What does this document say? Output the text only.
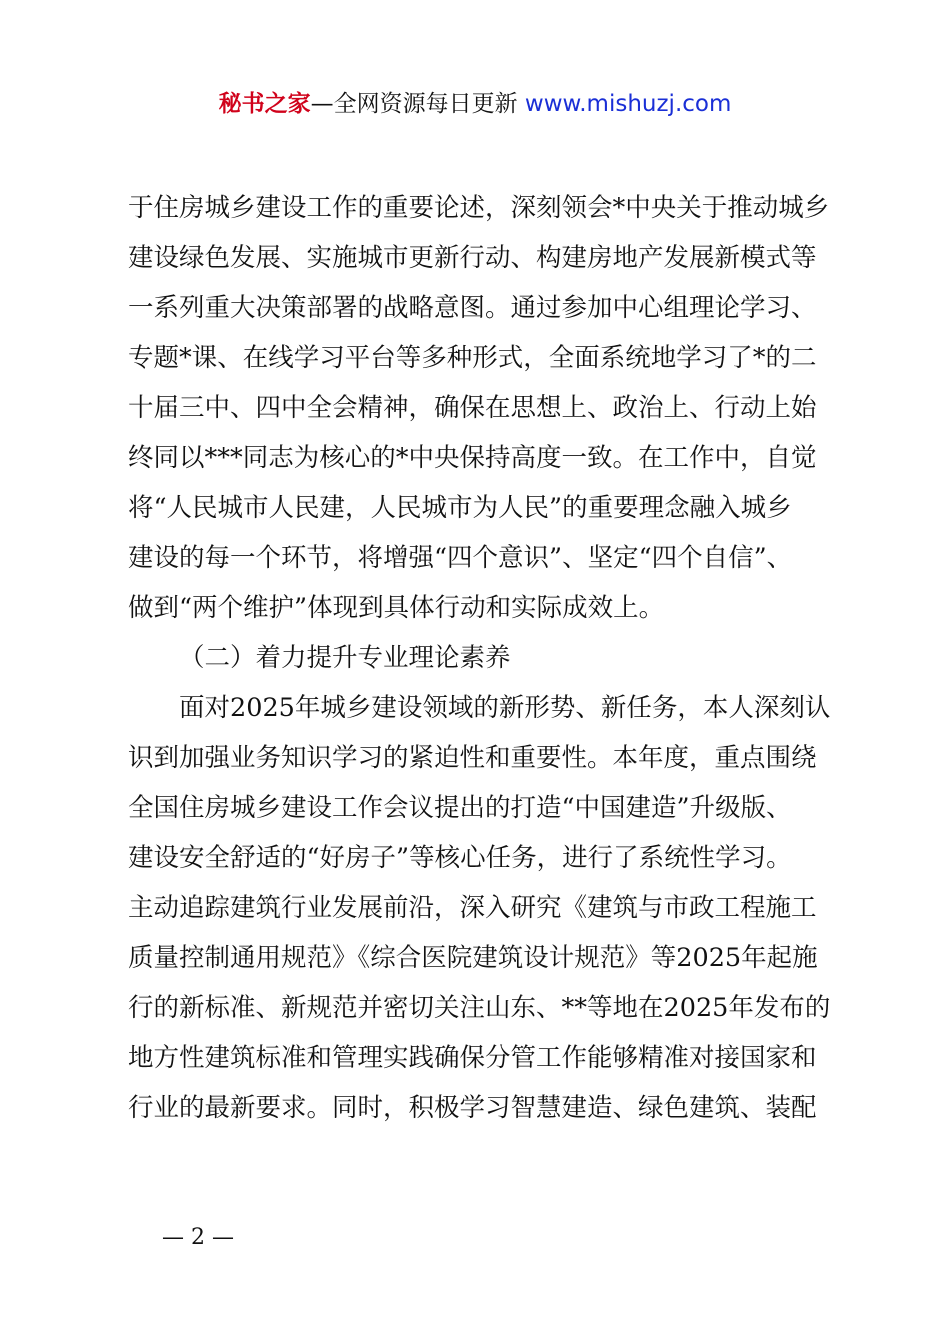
秘书之家—全网资源每日更新 www.mishuzj.com
于住房城乡建设工作的重要论述，深刻领会*中央关于推动城乡
建设绿色发展、实施城市更新行动、构建房地产发展新模式等
一系列重大决策部署的战略意图。通过参加中心组理论学习、
专题*课、在线学习平台等多种形式，全面系统地学习了*的二
十届三中、四中全会精神，确保在思想上、政治上、行动上始
终同以***同志为核心的*中央保持高度一致。在工作中，自觉
将“人民城市人民建，人民城市为人民”的重要理念融入城乡
建设的每一个环节，将增强“四个意识”、坚定“四个自信”、
做到“两个维护”体现到具体行动和实际成效上。
（二）着力提升专业理论素养
面对2025年城乡建设领域的新形势、新任务，本人深刻认
识到加强业务知识学习的紧迫性和重要性。本年度，重点围绕
全国住房城乡建设工作会议提出的打造“中国建造”升级版、
建设安全舒适的“好房子”等核心任务，进行了系统性学习。
主动追踪建筑行业发展前沿，深入研究《建筑与市政工程施工
质量控制通用规范》《综合医院建筑设计规范》等2025年起施
行的新标准、新规范并密切关注山东、**等地在2025年发布的
地方性建筑标准和管理实践确保分管工作能够精准对接国家和
行业的最新要求。同时，积极学习智慧建造、绿色建筑、装配
— 2 —
